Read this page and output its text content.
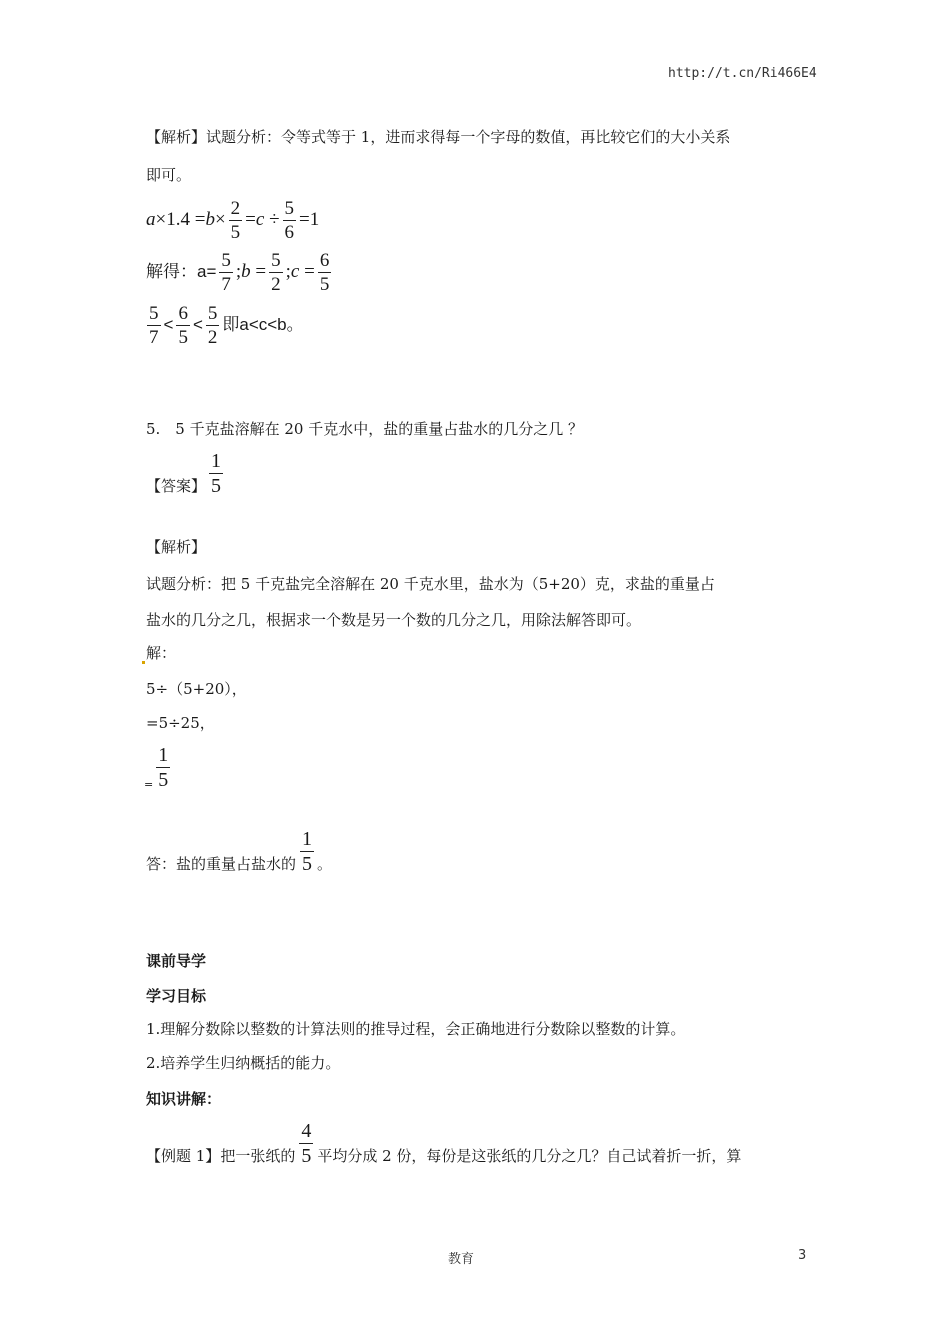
http://t.cn/Ri466E4
【解析】试题分析：令等式等于 1，进而求得每一个字母的数值，再比较它们的大小关系
即可。
$a\times 1.4 =b\times \frac{2}{5} =c \div \frac{5}{6} =1$
解得：$a= \frac{5}{7}$ ;b = $\frac{5}{2}$ ;c = $\frac{6}{5}$
$\frac{5}{7} < \frac{6}{5} < \frac{5}{2}$ 即a<c<b。
5.　5 千克盐溶解在 20 千克水中，盐的重量占盐水的几分之几 ？
【答案】 $\frac{1}{5}$
【解析】
试题分析：把 5 千克盐完全溶解在 20 千克水里，盐水为（5+20）克，求盐的重量占
盐水的几分之几，根据求一个数是另一个数的几分之几，用除法解答即可。
解：
5÷（5+20），
=5÷25，
= $\frac{1}{5}$
答：盐的重量占盐水的 $\frac{1}{5}$ 。
课前导学
学习目标
1.理解分数除以整数的计算法则的推导过程，会正确地进行分数除以整数的计算。
2.培养学生归纳概括的能力。
知识讲解：
【例题 1】把一张纸的 $\frac{4}{5}$ 平均分成 2 份，每份是这张纸的几分之几？自己试着折一折，算
教育	3
